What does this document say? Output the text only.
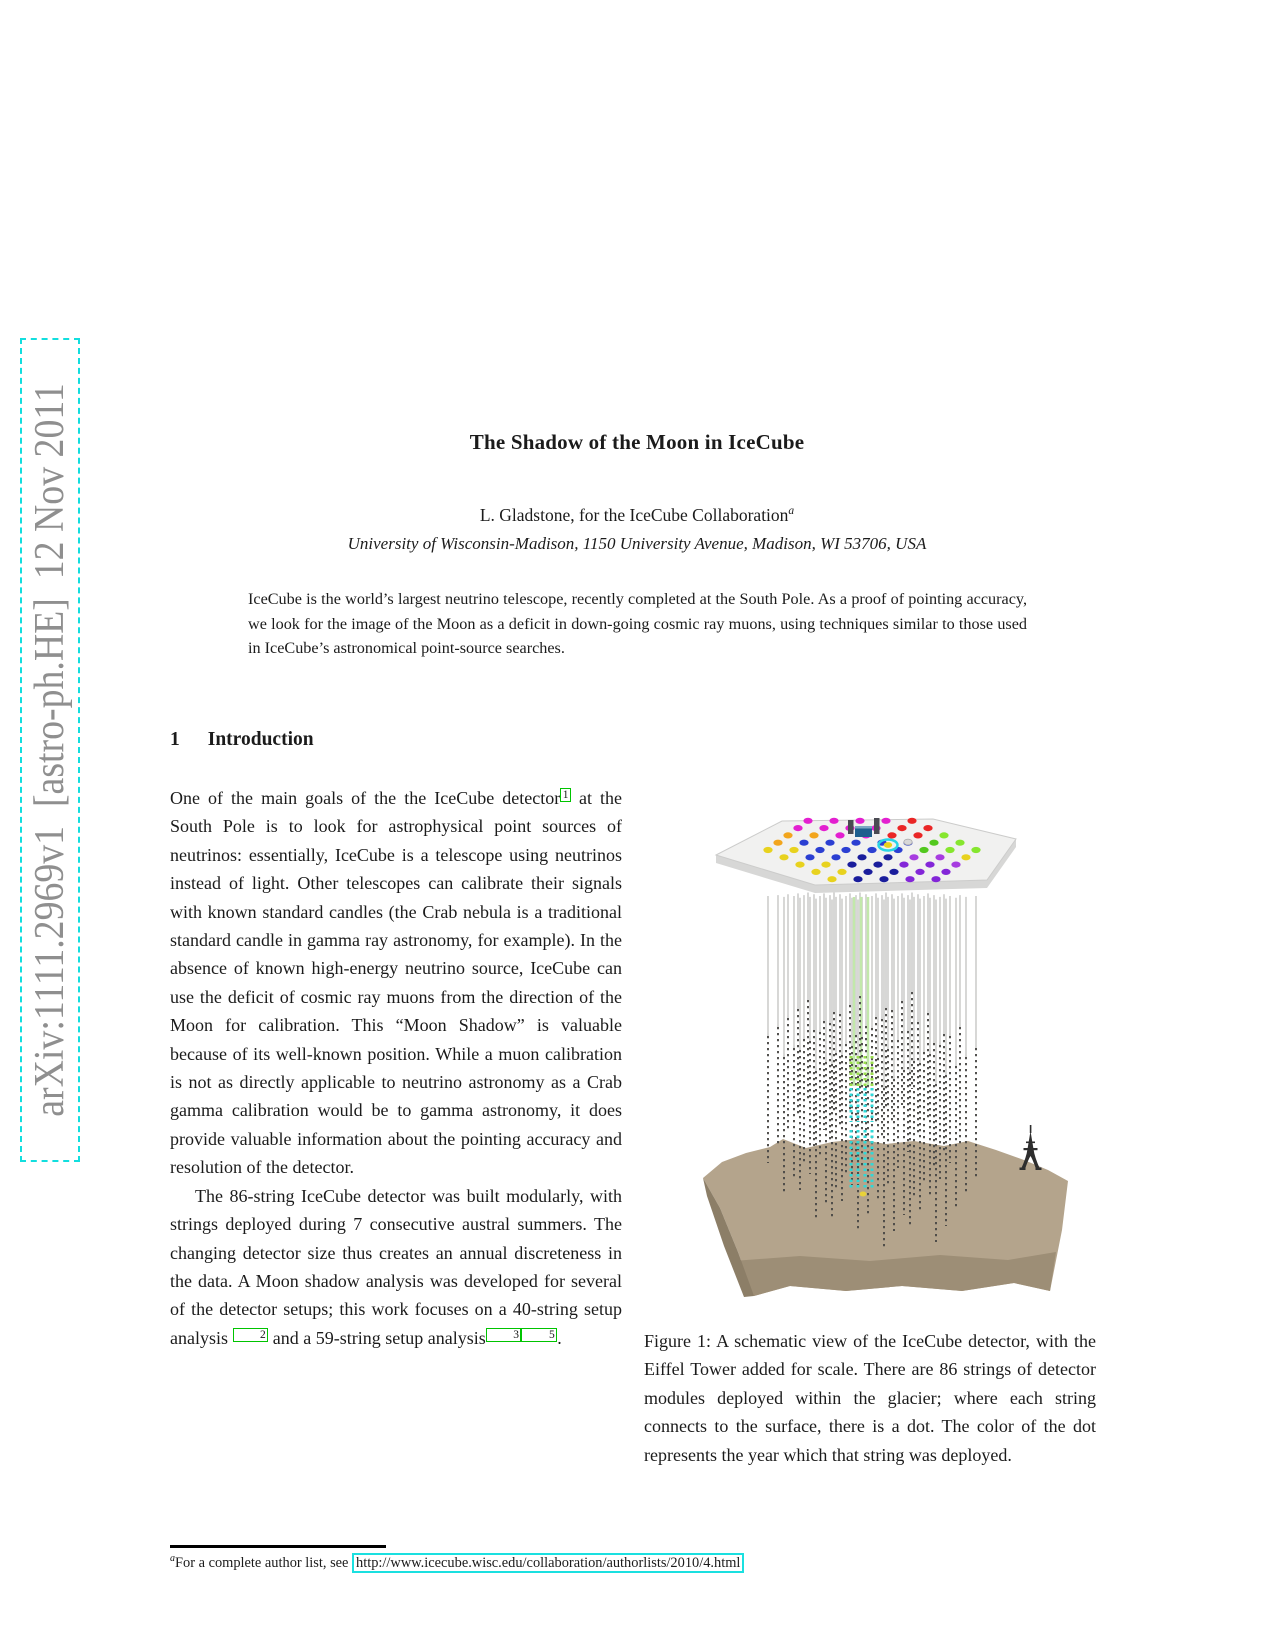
arXiv:1111.2969v1  [astro-ph.HE]  12 Nov 2011	The Shadow of the Moon in IceCube
L. Gladstone, for the IceCube Collaboration$^a$
University of Wisconsin-Madison, 1150 University Avenue, Madison, WI 53706, USA
IceCube is the world’s largest neutrino telescope, recently completed at the South Pole. As a proof of pointing accuracy, we look for the image of the Moon as a deficit in down-going cosmic ray muons, using techniques similar to those used in IceCube’s astronomical point-source searches.
1 Introduction

One of the main goals of the the IceCube detector $^1$ at the South Pole is to look for astrophysical point sources of neutrinos: essentially, IceCube is a telescope using neutrinos instead of light. Other telescopes can calibrate their signals with known standard candles (the Crab nebula is a traditional standard candle in gamma ray astronomy, for example). In the absence of known high-energy neutrino source, IceCube can use the deficit of cosmic ray muons from the direction of the Moon for calibration. This “Moon Shadow” is valuable because of its well-known position. While a muon calibration is not as directly applicable to neutrino astronomy as a Crab gamma calibration would be to gamma astronomy, it does provide valuable information about the pointing accuracy and resolution of the detector.

The 86-string IceCube detector was built modularly, with strings deployed during 7 consecutive austral summers. The changing detector size thus creates an annual discreteness in the data. A Moon shadow analysis was developed for several of the detector setups; this work focuses on a 40-string setup analysis $^2$ and a 59-string setup analysis $^3$	$^5$ .	Figure 1: A schematic view of the IceCube detector, with the Eiffel Tower added for scale. There are 86 strings of detector modules deployed within the glacier; where each string connects to the surface, there is a dot. The color of the dot represents the year which that string was deployed.
$^a$For a complete author list, see http://www.icecube.wisc.edu/collaboration/authorlists/2010/4.html
